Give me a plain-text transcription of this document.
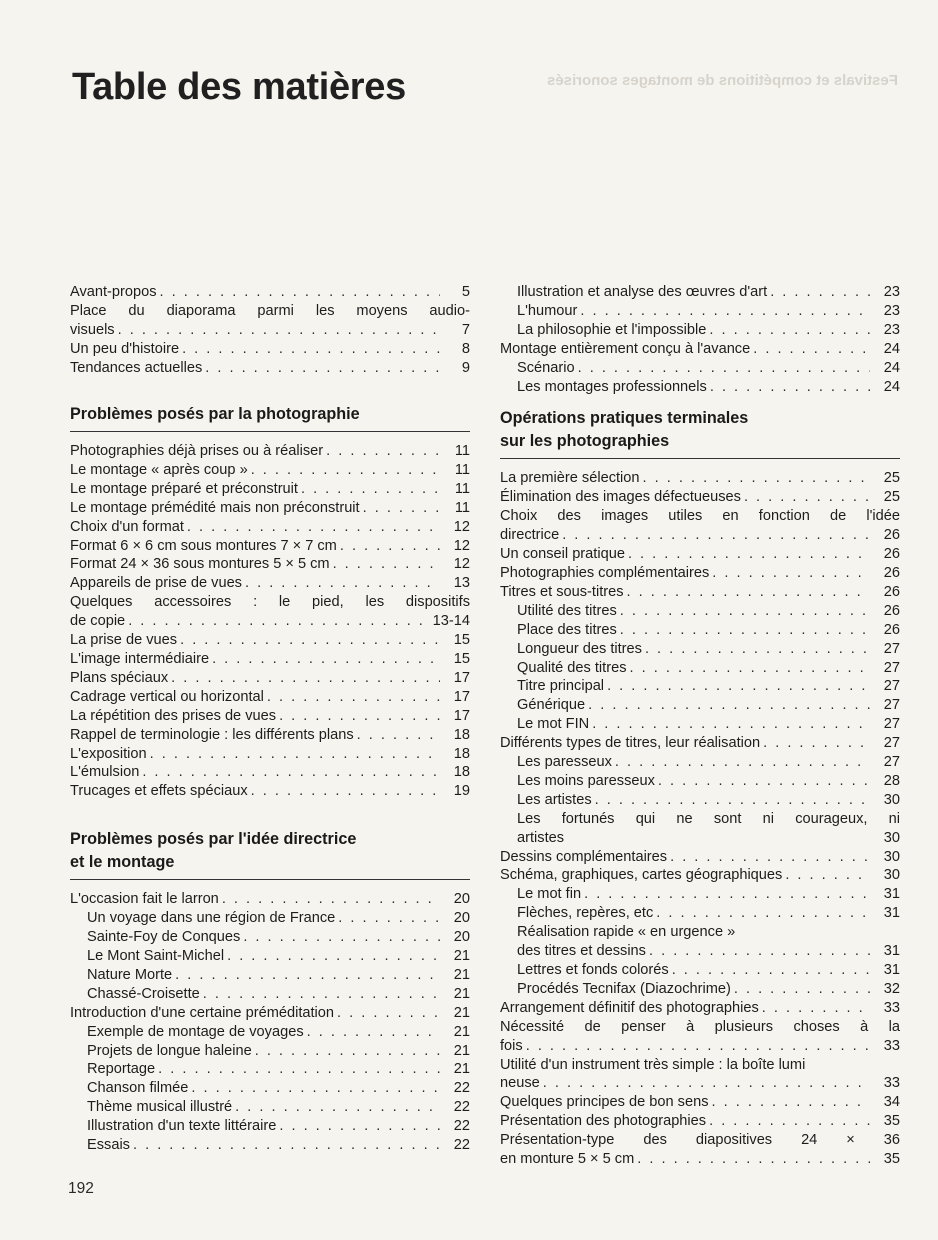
Table des matières	Festivals et compétitions de montages sonorisés
Avant-propos . . .	5
Place du diaporama parmi les moyens audio-
visuels . . .	7
Un peu d'histoire . . .	8
Tendances actuelles . . .	9
Problèmes posés par la photographie
Photographies déjà prises ou à réaliser . . .	11
Le montage « après coup » . . .	11
Le montage préparé et préconstruit . . .	11
Le montage prémédité mais non préconstruit . . .	11
Choix d'un format . . .	12
Format 6 × 6 cm sous montures 7 × 7 cm . . .	12
Format 24 × 36 sous montures 5 × 5 cm . . .	12
Appareils de prise de vues . . .	13
Quelques accessoires : le pied, les dispositifs
de copie . . .	13-14
La prise de vues . . .	15
L'image intermédiaire . . .	15
Plans spéciaux . . .	17
Cadrage vertical ou horizontal . . .	17
La répétition des prises de vues . . .	17
Rappel de terminologie : les différents plans . . .	18
L'exposition . . .	18
L'émulsion . . .	18
Trucages et effets spéciaux . . .	19
Problèmes posés par l'idée directrice
et le montage
L'occasion fait le larron . . .	20
Un voyage dans une région de France . . .	20
Sainte-Foy de Conques . . .	20
Le Mont Saint-Michel . . .	21
Nature Morte . . .	21
Chassé-Croisette . . .	21
Introduction d'une certaine préméditation . . .	21
Exemple de montage de voyages . . .	21
Projets de longue haleine . . .	21
Reportage . . .	21
Chanson filmée . . .	22
Thème musical illustré . . .	22
Illustration d'un texte littéraire . . .	22
Essais . . .	22
Illustration et analyse des œuvres d'art . . .	23
L'humour . . .	23
La philosophie et l'impossible . . .	23
Montage entièrement conçu à l'avance . . .	24
Scénario . . .	24
Les montages professionnels . . .	24
Opérations pratiques terminales
sur les photographies
La première sélection . . .	25
Élimination des images défectueuses . . .	25
Choix des images utiles en fonction de l'idée
directrice . . .	26
Un conseil pratique . . .	26
Photographies complémentaires . . .	26
Titres et sous-titres . . .	26
Utilité des titres . . .	26
Place des titres . . .	26
Longueur des titres . . .	27
Qualité des titres . . .	27
Titre principal . . .	27
Générique . . .	27
Le mot FIN . . .	27
Différents types de titres, leur réalisation . . .	27
Les paresseux . . .	27
Les moins paresseux . . .	28
Les artistes . . .	30
Les fortunés qui ne sont ni courageux, ni
artistes	30
Dessins complémentaires . . .	30
Schéma, graphiques, cartes géographiques . . .	30
Le mot fin . . .	31
Flèches, repères, etc . . .	31
Réalisation rapide « en urgence »
des titres et dessins . . .	31
Lettres et fonds colorés . . .	31
Procédés Tecnifax (Diazochrime) . . .	32
Arrangement définitif des photographies . . .	33
Nécessité de penser à plusieurs choses à la
fois . . .	33
Utilité d'un instrument très simple : la boîte lumi
neuse . . .	33
Quelques principes de bon sens . . .	34
Présentation des photographies . . .	35
Présentation-type des diapositives 24 × 36
en monture 5 × 5 cm . . .	35
192
